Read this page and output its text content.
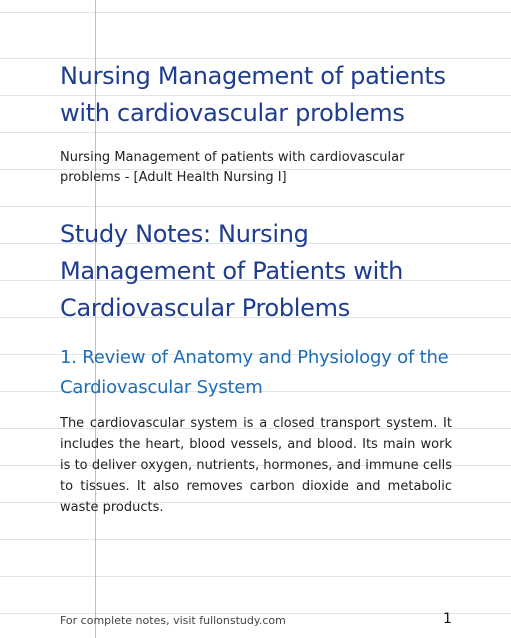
Nursing Management of patients with cardiovascular problems

Nursing Management of patients with cardiovascular problems - [Adult Health Nursing I]

Study Notes: Nursing Management of Patients with Cardiovascular Problems
1. Review of Anatomy and Physiology of the Cardiovascular System

The cardiovascular system is a closed transport system. It includes the heart, blood vessels, and blood. Its main work is to deliver oxygen, nutrients, hormones, and immune cells to tissues. It also removes carbon dioxide and metabolic waste products.

For complete notes, visit fullonstudy.com	1
